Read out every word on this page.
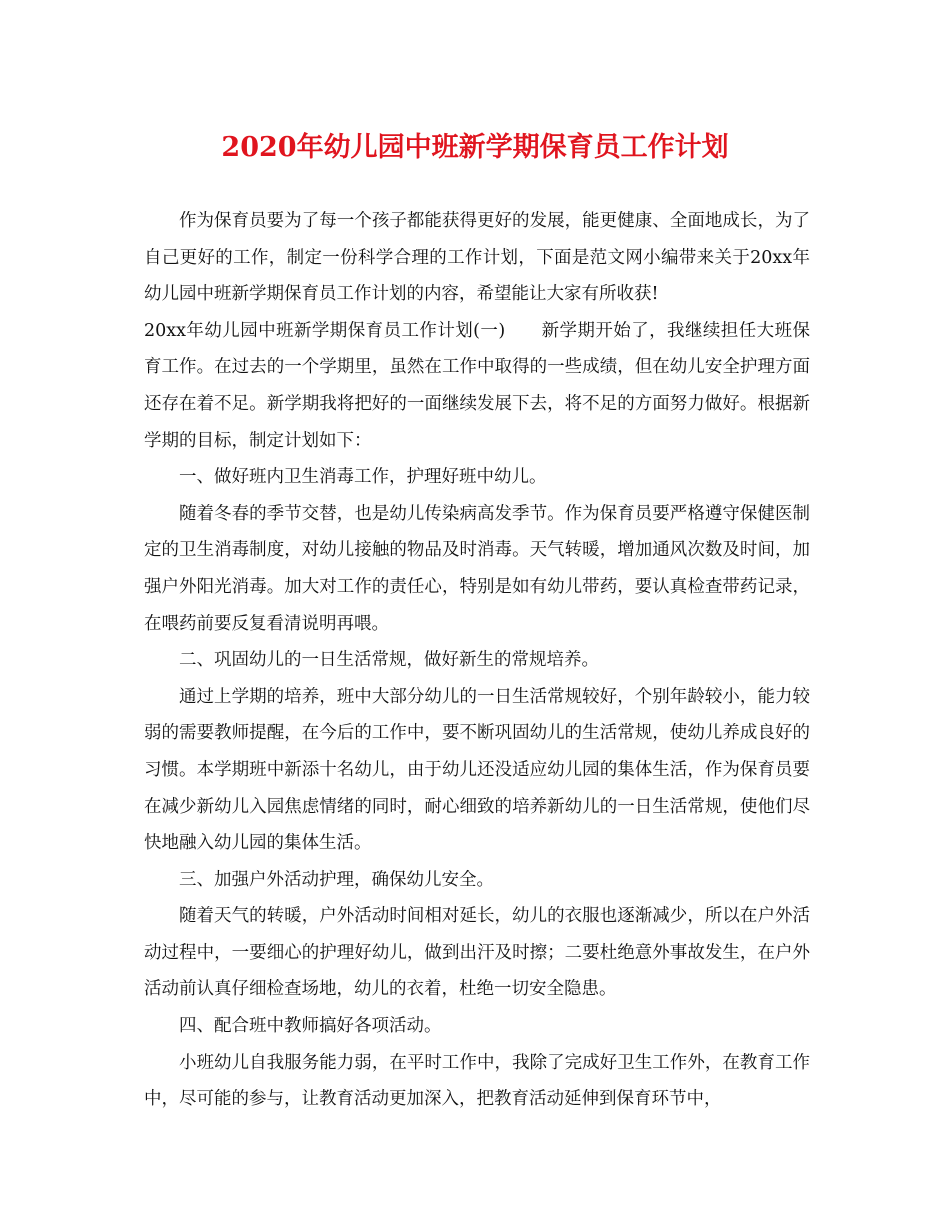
2020年幼儿园中班新学期保育员工作计划

作为保育员要为了每一个孩子都能获得更好的发展，能更健康、全面地成长，为了自己更好的工作，制定一份科学合理的工作计划，下面是范文网小编带来关于20xx年幼儿园中班新学期保育员工作计划的内容，希望能让大家有所收获!

20xx年幼儿园中班新学期保育员工作计划(一) 新学期开始了，我继续担任大班保育工作。在过去的一个学期里，虽然在工作中取得的一些成绩，但在幼儿安全护理方面还存在着不足。新学期我将把好的一面继续发展下去，将不足的方面努力做好。根据新学期的目标，制定计划如下：

一、做好班内卫生消毒工作，护理好班中幼儿。

随着冬春的季节交替，也是幼儿传染病高发季节。作为保育员要严格遵守保健医制定的卫生消毒制度，对幼儿接触的物品及时消毒。天气转暖，增加通风次数及时间，加强户外阳光消毒。加大对工作的责任心，特别是如有幼儿带药，要认真检查带药记录，在喂药前要反复看清说明再喂。

二、巩固幼儿的一日生活常规，做好新生的常规培养。

通过上学期的培养，班中大部分幼儿的一日生活常规较好，个别年龄较小，能力较弱的需要教师提醒，在今后的工作中，要不断巩固幼儿的生活常规，使幼儿养成良好的习惯。本学期班中新添十名幼儿，由于幼儿还没适应幼儿园的集体生活，作为保育员要在减少新幼儿入园焦虑情绪的同时，耐心细致的培养新幼儿的一日生活常规，使他们尽快地融入幼儿园的集体生活。

三、加强户外活动护理，确保幼儿安全。

随着天气的转暖，户外活动时间相对延长，幼儿的衣服也逐渐减少，所以在户外活动过程中，一要细心的护理好幼儿，做到出汗及时擦；二要杜绝意外事故发生，在户外活动前认真仔细检查场地，幼儿的衣着，杜绝一切安全隐患。

四、配合班中教师搞好各项活动。

小班幼儿自我服务能力弱，在平时工作中，我除了完成好卫生工作外，在教育工作中，尽可能的参与，让教育活动更加深入，把教育活动延伸到保育环节中，
